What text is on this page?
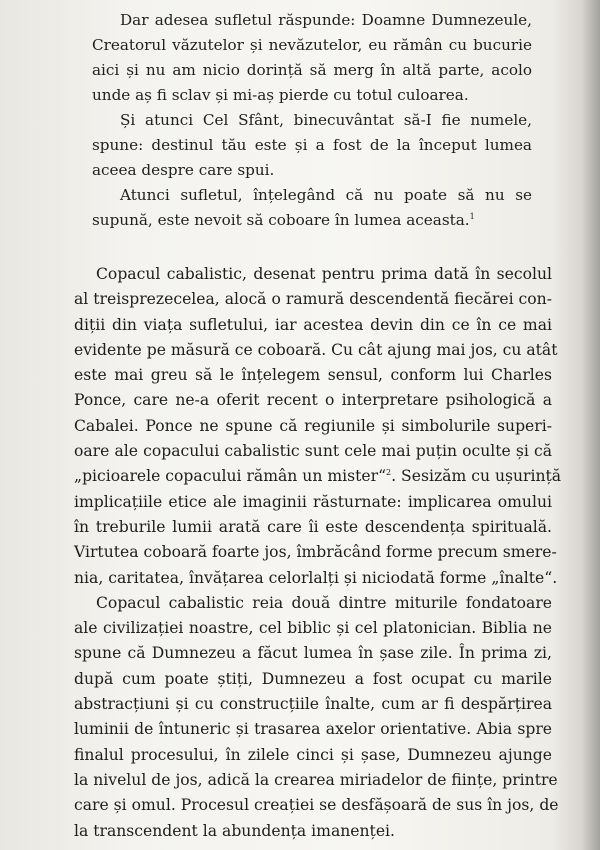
Dar adesea sufletul răspunde: Doamne Dumnezeule,
Creatorul văzutelor și nevăzutelor, eu rămân cu bucurie
aici și nu am nicio dorință să merg în altă parte, acolo
unde aș fi sclav și mi-aș pierde cu totul culoarea.

Și atunci Cel Sfânt, binecuvântat să-I fie numele,
spune: destinul tău este și a fost de la început lumea
aceea despre care spui.

Atunci sufletul, înțelegând că nu poate să nu se
supună, este nevoit să coboare în lumea aceasta.$^1$

Copacul cabalistic, desenat pentru prima dată în secolul
al treisprezecelea, alocă o ramură descendentă fiecărei con-
diții din viața sufletului, iar acestea devin din ce în ce mai
evidente pe măsură ce coboară. Cu cât ajung mai jos, cu atât
este mai greu să le înțelegem sensul, conform lui Charles
Ponce, care ne-a oferit recent o interpretare psihologică a
Cabalei. Ponce ne spune că regiunile și simbolurile superi-
oare ale copacului cabalistic sunt cele mai puțin oculte și că
„picioarele copacului rămân un mister“$^2$. Sesizăm cu ușurință
implicațiile etice ale imaginii răsturnate: implicarea omului
în treburile lumii arată care îi este descendența spirituală.
Virtutea coboară foarte jos, îmbrăcând forme precum smere-
nia, caritatea, învățarea celorlalți și niciodată forme „înalte“.

Copacul cabalistic reia două dintre miturile fondatoare
ale civilizației noastre, cel biblic și cel platonician. Biblia ne
spune că Dumnezeu a făcut lumea în șase zile. În prima zi,
după cum poate știți, Dumnezeu a fost ocupat cu marile
abstracțiuni și cu construcțiile înalte, cum ar fi despărțirea
luminii de întuneric și trasarea axelor orientative. Abia spre
finalul procesului, în zilele cinci și șase, Dumnezeu ajunge
la nivelul de jos, adică la crearea miriadelor de ființe, printre
care și omul. Procesul creației se desfășoară de sus în jos, de
la transcendent la abundența imanenței.
